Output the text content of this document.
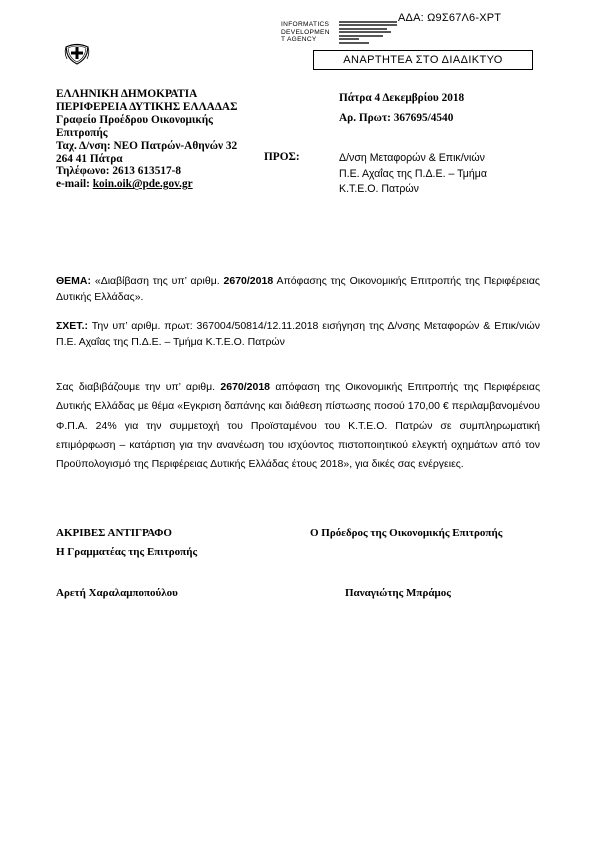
ΑΔΑ: Ω9Σ67Λ6-ΧΡΤ
INFORMATICS
DEVELOPMEN
T AGENCY
ΑΝΑΡΤΗΤΕΑ ΣΤΟ ΔΙΑΔΙΚΤΥΟ
ΕΛΛΗΝΙΚΗ ΔΗΜΟΚΡΑΤΙΑ
ΠΕΡΙΦΕΡΕΙΑ ΔΥΤΙΚΗΣ ΕΛΛΑΔΑΣ
Γραφείο Προέδρου Οικονομικής
Επιτροπής
Ταχ. Δ/νση: ΝΕΟ Πατρών-Αθηνών 32
264 41 Πάτρα
Τηλέφωνο: 2613 613517-8
e-mail: koin.oik@pde.gov.gr
Πάτρα 4 Δεκεμβρίου 2018
Αρ. Πρωτ: 367695/4540
ΠΡΟΣ:	Δ/νση Μεταφορών & Επικ/νιών
Π.Ε. Αχαΐας της Π.Δ.Ε. – Τμήμα
Κ.Τ.Ε.Ο. Πατρών
ΘΕΜΑ: «Διαβίβαση της υπ’ αριθμ. 2670/2018 Απόφασης της Οικονομικής Επιτροπής της Περιφέρειας Δυτικής Ελλάδας».
ΣΧΕΤ.: Την υπ’ αριθμ. πρωτ: 367004/50814/12.11.2018 εισήγηση της Δ/νσης Μεταφορών & Επικ/νιών Π.Ε. Αχαΐας της Π.Δ.Ε. – Τμήμα Κ.Τ.Ε.Ο. Πατρών
Σας διαβιβάζουμε την υπ’ αριθμ. 2670/2018 απόφαση της Οικονομικής Επιτροπής της Περιφέρειας Δυτικής Ελλάδας με θέμα «Εγκριση δαπάνης και διάθεση πίστωσης ποσού 170,00 € περιλαμβανομένου Φ.Π.Α. 24% για την συμμετοχή του Προϊσταμένου του Κ.Τ.Ε.Ο. Πατρών σε συμπληρωματική επιμόρφωση – κατάρτιση για την ανανέωση του ισχύοντος πιστοποιητικού ελεγκτή οχημάτων από τον Προϋπολογισμό της Περιφέρειας Δυτικής Ελλάδας έτους 2018», για δικές σας ενέργειες.
ΑΚΡΙΒΕΣ ΑΝΤΙΓΡΑΦΟ
Η Γραμματέας της Επιτροπής
Αρετή Χαραλαμποπούλου
Ο Πρόεδρος της Οικονομικής Επιτροπής
Παναγιώτης Μπράμος
